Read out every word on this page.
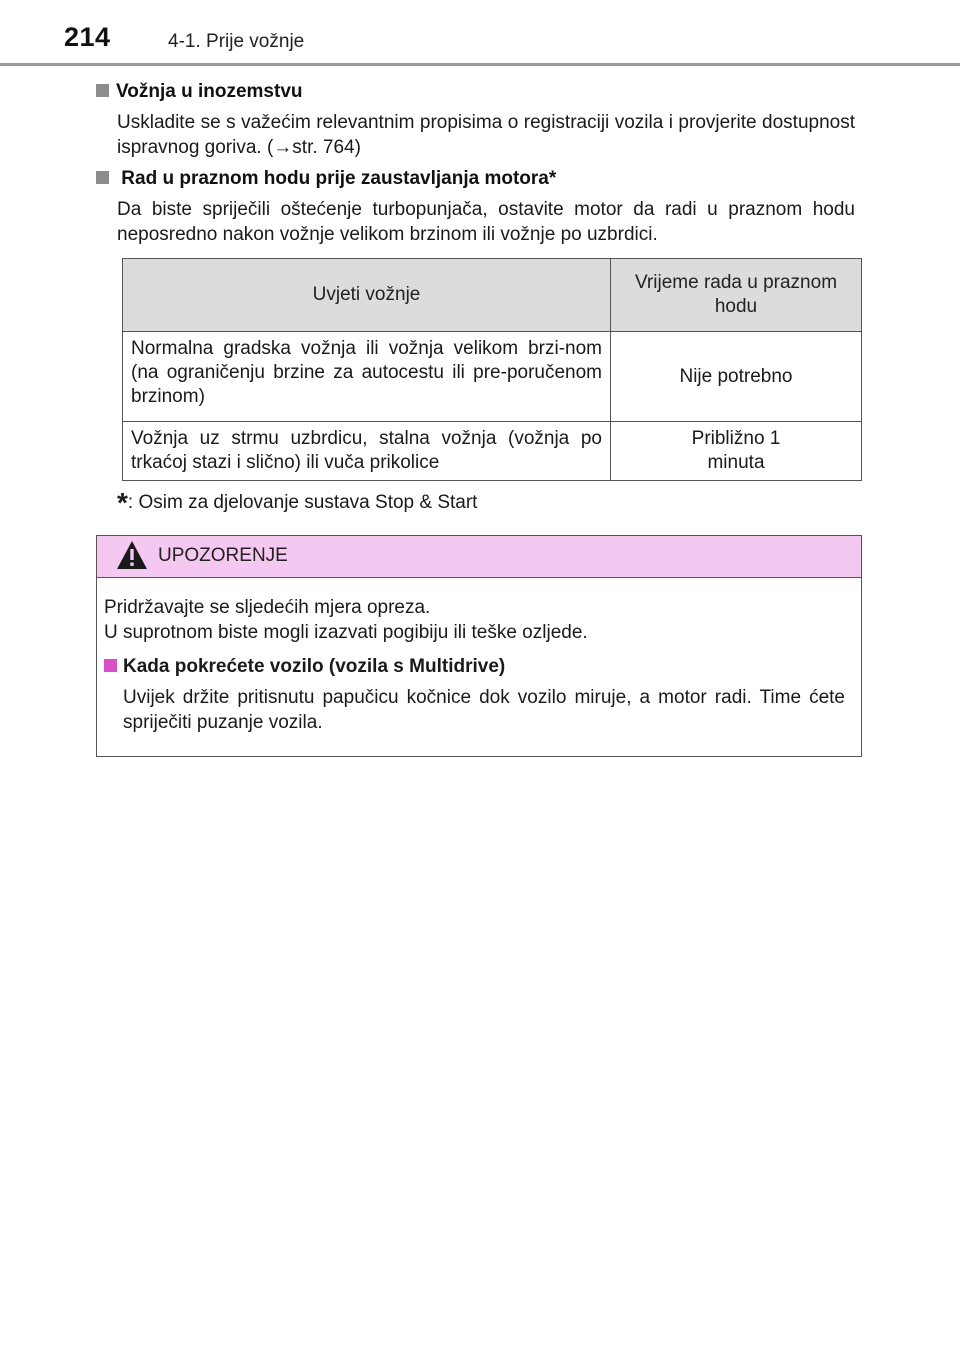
214	4-1. Prije vožnje
Vožnja u inozemstvu
Uskladite se s važećim relevantnim propisima o registraciji vozila i provjerite dostupnost ispravnog goriva. (→str. 764)
Rad u praznom hodu prije zaustavljanja motora*
Da biste spriječili oštećenje turbopunjača, ostavite motor da radi u praznom hodu neposredno nakon vožnje velikom brzinom ili vožnje po uzbrdici.
Uvjeti vožnje	Vrijeme rada u praznom hodu
Normalna gradska vožnja ili vožnja velikom brzi-nom (na ograničenju brzine za autocestu ili pre-poručenom brzinom)	Nije potrebno
Vožnja uz strmu uzbrdicu, stalna vožnja (vožnja po trkaćoj stazi i slično) ili vuča prikolice	Približno 1 minuta
*: Osim za djelovanje sustava Stop & Start
UPOZORENJE
Pridržavajte se sljedećih mjera opreza.
U suprotnom biste mogli izazvati pogibiju ili teške ozljede.
Kada pokrećete vozilo (vozila s Multidrive)
Uvijek držite pritisnutu papučicu kočnice dok vozilo miruje, a motor radi. Time ćete spriječiti puzanje vozila.
